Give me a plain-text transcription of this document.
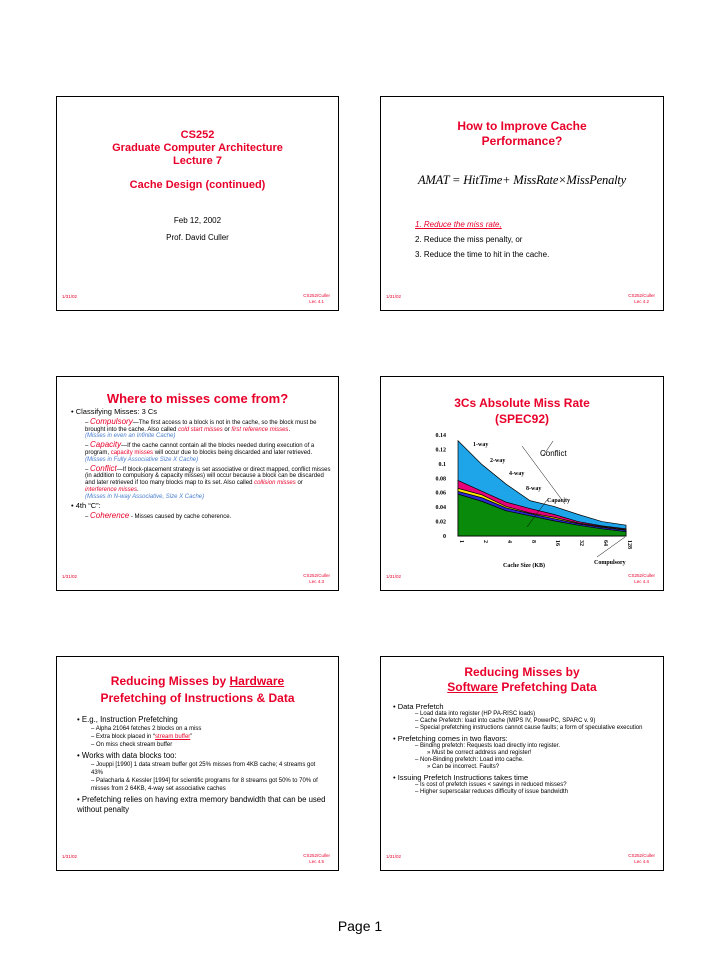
CS252
Graduate Computer Architecture
Lecture 7
Cache Design (continued)
Feb 12, 2002
Prof. David Culler
1/31/02	CS252/Culler
Lec 4.1
How to Improve Cache
Performance?
AMAT = HitTime+ MissRate×MissPenalty
1. Reduce the miss rate,
2. Reduce the miss penalty, or
3. Reduce the time to hit in the cache.
1/31/02	CS252/Culler
Lec 4.2
Where to misses come from?
• Classifying Misses: 3 Cs
– Compulsory—The first access to a block is not in the cache, so the block must be brought into the cache. Also called cold start misses or first reference misses.
(Misses in even an Infinite Cache)
– Capacity—If the cache cannot contain all the blocks needed during execution of a program, capacity misses will occur due to blocks being discarded and later retrieved.
(Misses in Fully Associative Size X Cache)
– Conflict—If block-placement strategy is set associative or direct mapped, conflict misses (in addition to compulsory & capacity misses) will occur because a block can be discarded and later retrieved if too many blocks map to its set. Also called collision misses or interference misses.
(Misses in N-way Associative, Size X Cache)
• 4th “C”:
– Coherence - Misses caused by cache coherence.
1/31/02	CS252/Culler
Lec 4.3
3Cs Absolute Miss Rate
(SPEC92)
0
0.02
0.04
0.06
0.08
0.1
0.12
0.14
1	2	4	8	16	32	64	128
Cache Size (KB)
1-way
2-way
4-way
8-way
Conflict
Capacity
Compulsory
1/31/02	CS252/Culler
Lec 4.4
Reducing Misses by Hardware
Prefetching of Instructions & Data
• E.g., Instruction Prefetching
– Alpha 21064 fetches 2 blocks on a miss
– Extra block placed in “stream buffer”
– On miss check stream buffer
• Works with data blocks too:
– Jouppi [1990] 1 data stream buffer got 25% misses from 4KB cache; 4 streams got 43%
– Palacharla & Kessler [1994] for scientific programs for 8 streams got 50% to 70% of misses from 2 64KB, 4-way set associative caches
• Prefetching relies on having extra memory bandwidth that can be used without penalty
1/31/02	CS252/Culler
Lec 4.5
Reducing Misses by
Software Prefetching Data
• Data Prefetch
– Load data into register (HP PA-RISC loads)
– Cache Prefetch: load into cache (MIPS IV, PowerPC, SPARC v. 9)
– Special prefetching instructions cannot cause faults; a form of speculative execution
• Prefetching comes in two flavors:
– Binding prefetch: Requests load directly into register.
» Must be correct address and register!
– Non-Binding prefetch: Load into cache.
» Can be incorrect. Faults?
• Issuing Prefetch Instructions takes time
– Is cost of prefetch issues < savings in reduced misses?
– Higher superscalar reduces difficulty of issue bandwidth
1/31/02	CS252/Culler
Lec 4.6
Page 1
